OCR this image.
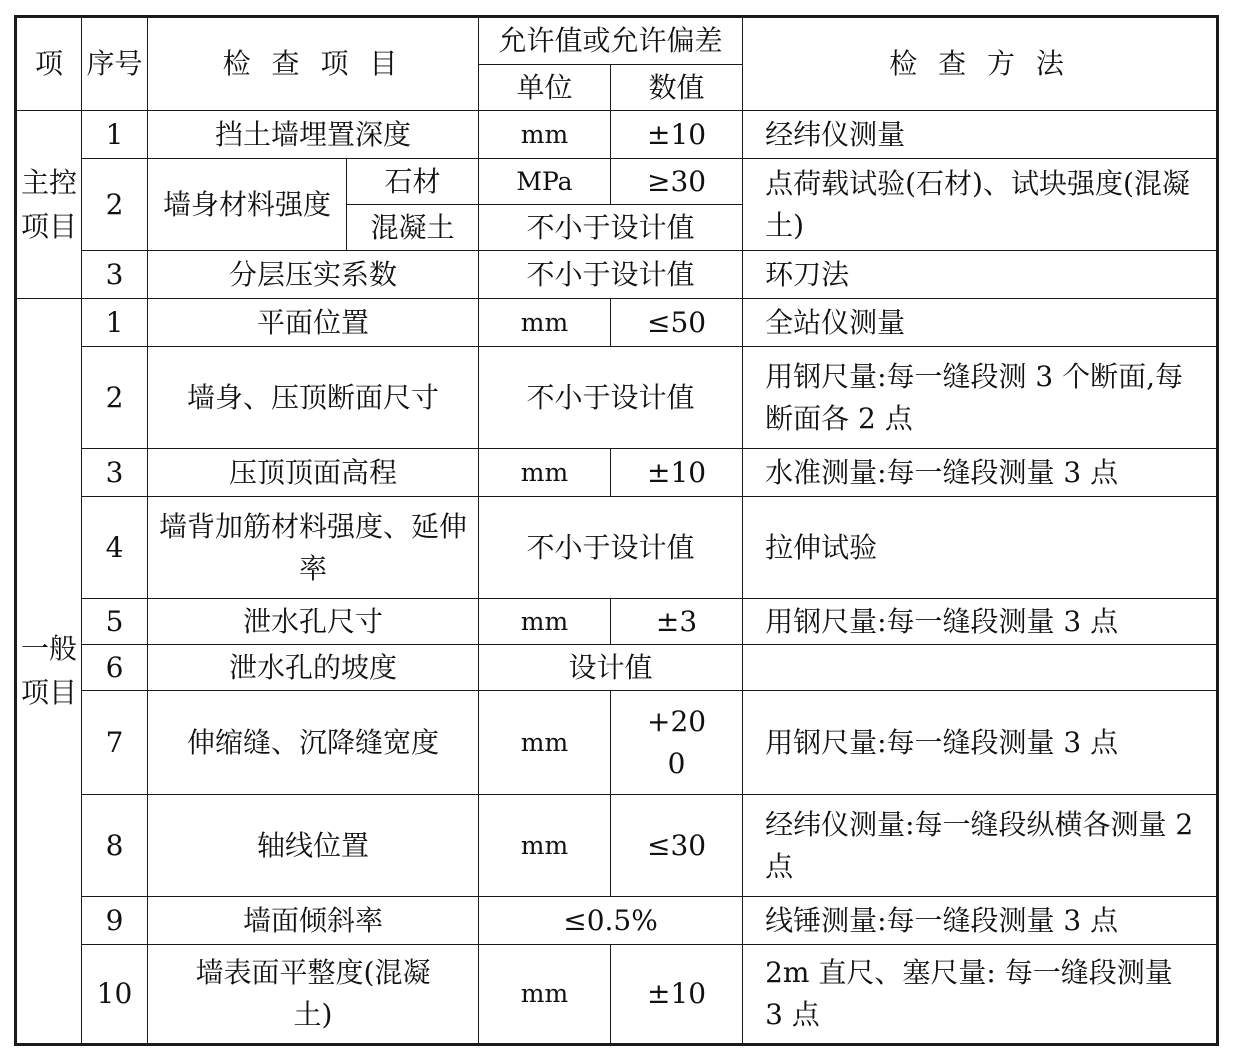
项	序号	检 查 项 目		允许值或允许偏差		检 查 方 法
				单位	数值	
主控项目	1	挡土墙埋置深度		mm	±10	经纬仪测量
	2	墙身材料强度	石材	MPa	≥30	点荷载试验(石材)、试块强度(混凝土)
			混凝土	不小于设计值		
	3	分层压实系数		不小于设计值		环刀法
一般项目	1	平面位置		mm	≤50	全站仪测量
	2	墙身、压顶断面尺寸		不小于设计值		用钢尺量:每一缝段测 3 个断面,每断面各 2 点
	3	压顶顶面高程		mm	±10	水准测量:每一缝段测量 3 点
	4	墙背加筋材料强度、延伸率		不小于设计值		拉伸试验
	5	泄水孔尺寸		mm	±3	用钢尺量:每一缝段测量 3 点
	6	泄水孔的坡度		设计值		
	7	伸缩缝、沉降缝宽度		mm	+20 0	用钢尺量:每一缝段测量 3 点
	8	轴线位置		mm	≤30	经纬仪测量:每一缝段纵横各测量 2 点
	9	墙面倾斜率		≤0.5%		线锤测量:每一缝段测量 3 点
	10	墙表面平整度(混凝土)		mm	±10	2m 直尺、塞尺量: 每一缝段测量 3 点
